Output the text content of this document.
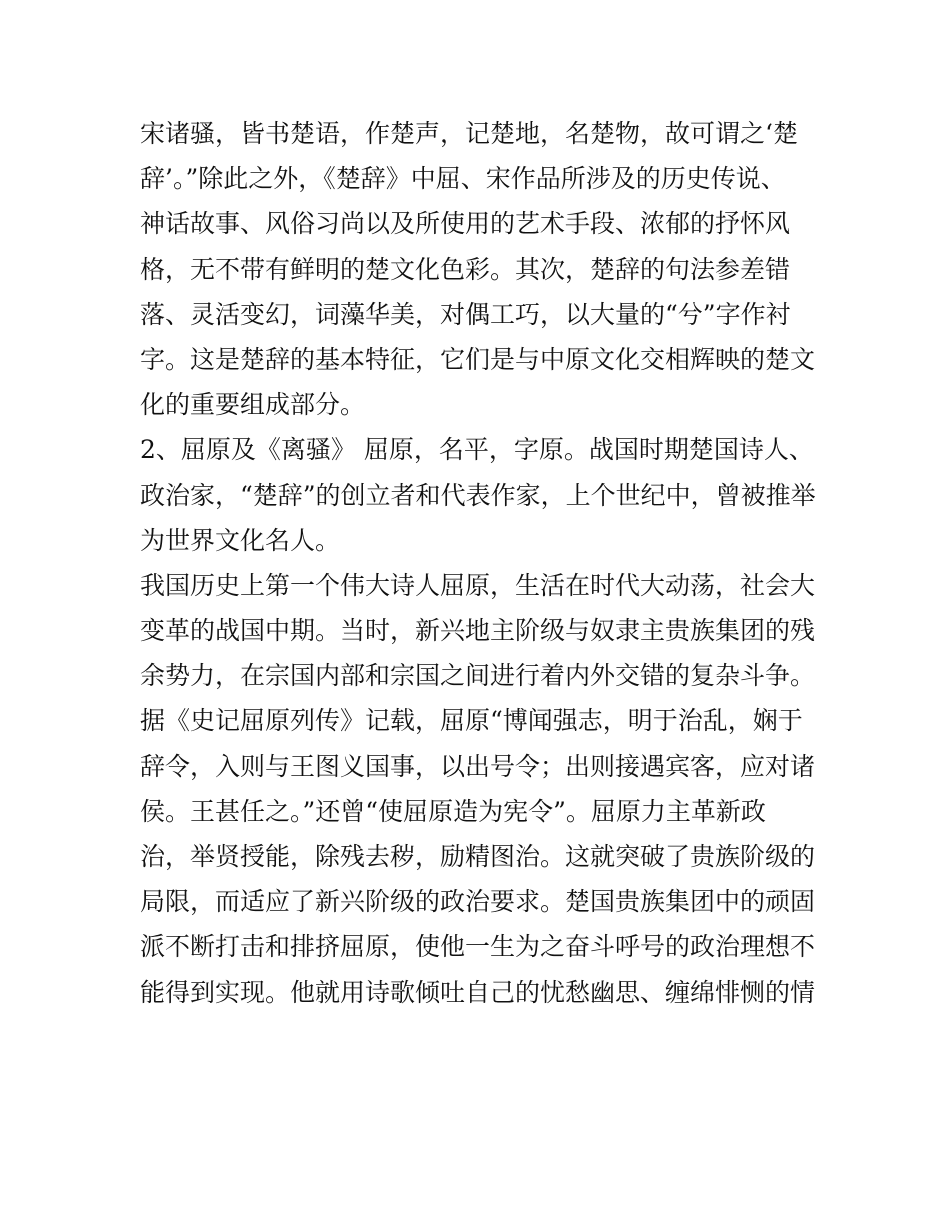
宋诸骚，皆书楚语，作楚声，记楚地，名楚物，故可谓之‘楚
辞’。”除此之外，《楚辞》中屈、宋作品所涉及的历史传说、
神话故事、风俗习尚以及所使用的艺术手段、浓郁的抒怀风
格，无不带有鲜明的楚文化色彩。其次，楚辞的句法参差错
落、灵活变幻，词藻华美，对偶工巧，以大量的“兮”字作衬
字。这是楚辞的基本特征，它们是与中原文化交相辉映的楚文
化的重要组成部分。
2、屈原及《离骚》 屈原，名平，字原。战国时期楚国诗人、
政治家，“楚辞”的创立者和代表作家，上个世纪中，曾被推举
为世界文化名人。
我国历史上第一个伟大诗人屈原，生活在时代大动荡，社会大
变革的战国中期。当时，新兴地主阶级与奴隶主贵族集团的残
余势力，在宗国内部和宗国之间进行着内外交错的复杂斗争。
据《史记屈原列传》记载，屈原“博闻强志，明于治乱，娴于
辞令，入则与王图义国事，以出号令；出则接遇宾客，应对诸
侯。王甚任之。”还曾“使屈原造为宪令”。屈原力主革新政
治，举贤授能，除残去秽，励精图治。这就突破了贵族阶级的
局限，而适应了新兴阶级的政治要求。楚国贵族集团中的顽固
派不断打击和排挤屈原，使他一生为之奋斗呼号的政治理想不
能得到实现。他就用诗歌倾吐自己的忧愁幽思、缠绵悱恻的情
